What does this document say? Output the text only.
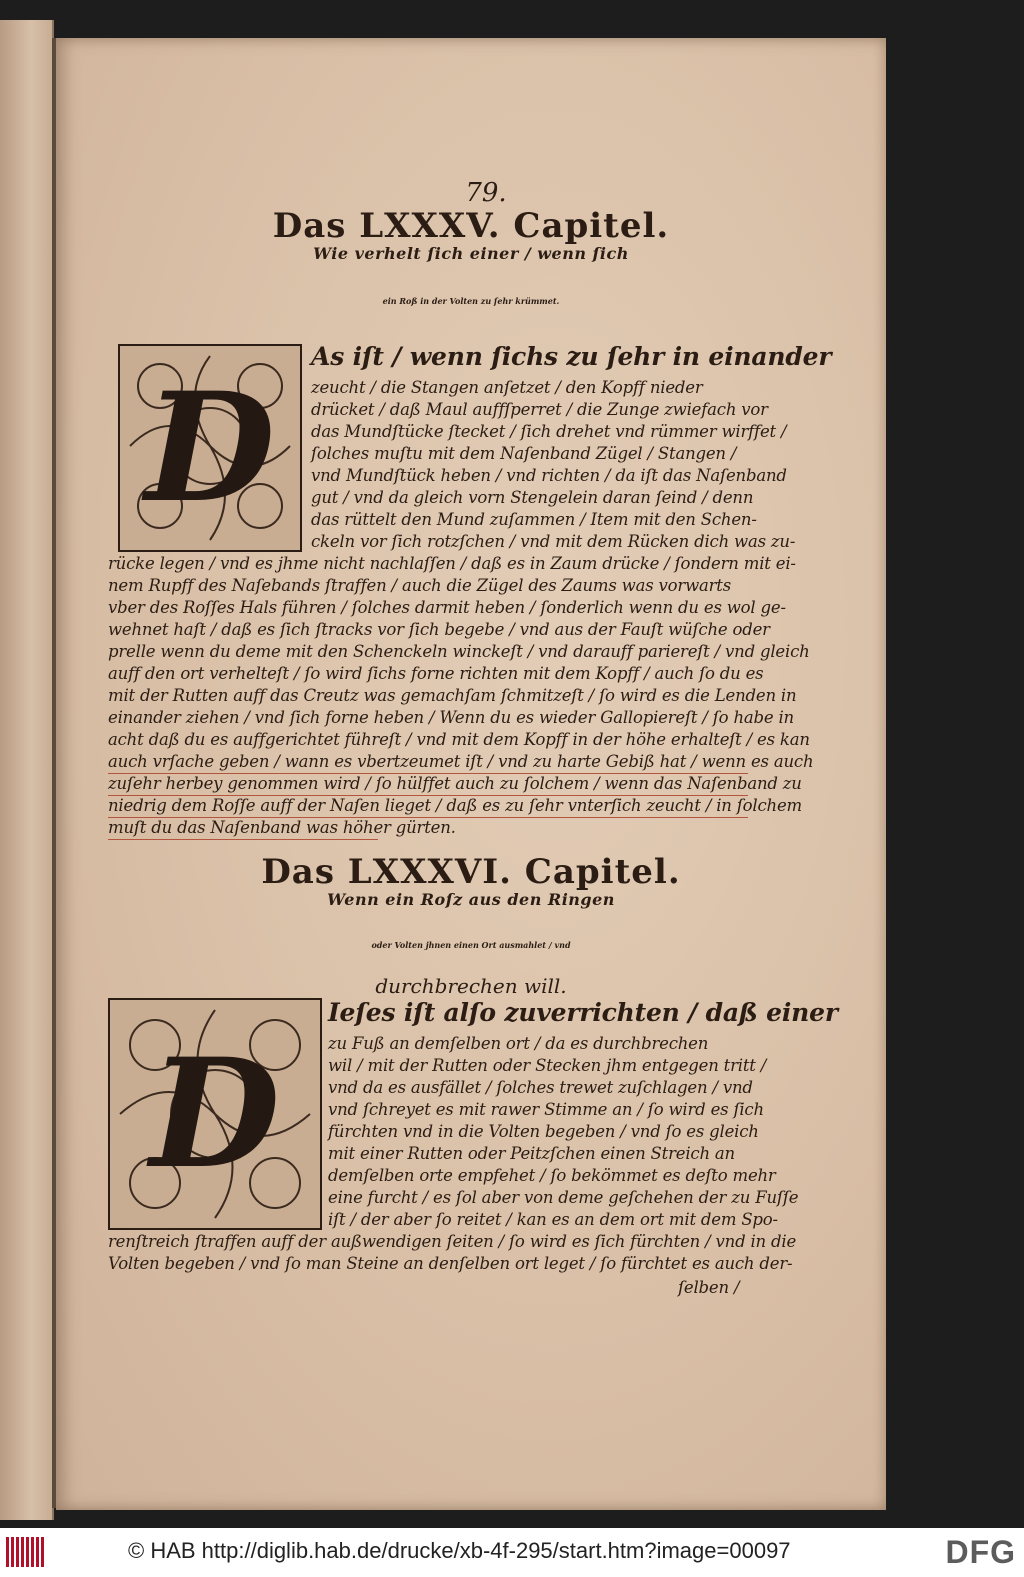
79.
Das LXXXV. Capitel.
Wie verhelt ſich einer / wenn ſich
ein Roß in der Volten zu ſehr krümmet.
D
As iſt / wenn ſichs zu ſehr in einander
zeucht / die Stangen anſetzet / den Kopff nieder
drücket / daß Maul auffſperret / die Zunge zwiefach vor
das Mundſtücke ſtecket / ſich drehet vnd rümmer wirffet /
ſolches muſtu mit dem Naſenband Zügel / Stangen /
vnd Mundſtück heben / vnd richten / da iſt das Naſenband
gut / vnd da gleich vorn Stengelein daran ſeind / denn
das rüttelt den Mund zuſammen / Item mit den Schen-
ckeln vor ſich rotzſchen / vnd mit dem Rücken dich was zu-
rücke legen / vnd es jhme nicht nachlaſſen / daß es in Zaum drücke / ſondern mit ei-
nem Rupff des Naſebands ſtraffen / auch die Zügel des Zaums was vorwarts
vber des Roſſes Hals führen / ſolches darmit heben / ſonderlich wenn du es wol ge-
wehnet haſt / daß es ſich ſtracks vor ſich begebe / vnd aus der Fauſt wüſche oder
prelle wenn du deme mit den Schenckeln winckeſt / vnd darauff pariereſt / vnd gleich
auff den ort verhelteſt / ſo wird ſichs forne richten mit dem Kopff / auch ſo du es
mit der Rutten auff das Creutz was gemachſam ſchmitzeſt / ſo wird es die Lenden in
einander ziehen / vnd ſich forne heben / Wenn du es wieder Gallopiereſt / ſo habe in
acht daß du es auffgerichtet führeſt / vnd mit dem Kopff in der höhe erhalteſt / es kan
auch vrſache geben / wann es vbertzeumet iſt / vnd zu harte Gebiß hat / wenn es auch
zuſehr herbey genommen wird / ſo hülffet auch zu ſolchem / wenn das Naſenband zu
niedrig dem Roſſe auff der Naſen lieget / daß es zu ſehr vnterſich zeucht / in ſolchem
muſt du das Naſenband was höher gürten.
Das LXXXVI. Capitel.
Wenn ein Roſz aus den Ringen
oder Volten jhnen einen Ort ausmahlet / vnd
durchbrechen will.
D
Ieſes iſt alſo zuverrichten / daß einer
zu Fuß an demſelben ort / da es durchbrechen
wil / mit der Rutten oder Stecken jhm entgegen tritt /
vnd da es ausfället / ſolches trewet zuſchlagen / vnd
vnd ſchreyet es mit rawer Stimme an / ſo wird es ſich
fürchten vnd in die Volten begeben / vnd ſo es gleich
mit einer Rutten oder Peitzſchen einen Streich an
demſelben orte empfehet / ſo bekömmet es deſto mehr
eine furcht / es ſol aber von deme geſchehen der zu Fuſſe
iſt / der aber ſo reitet / kan es an dem ort mit dem Spo-
renſtreich ſtraffen auff der außwendigen ſeiten / ſo wird es ſich fürchten / vnd in die
Volten begeben / vnd ſo man Steine an denſelben ort leget / ſo fürchtet es auch der-
ſelben /
© HAB http://diglib.hab.de/drucke/xb-4f-295/start.htm?image=00097	DFG
